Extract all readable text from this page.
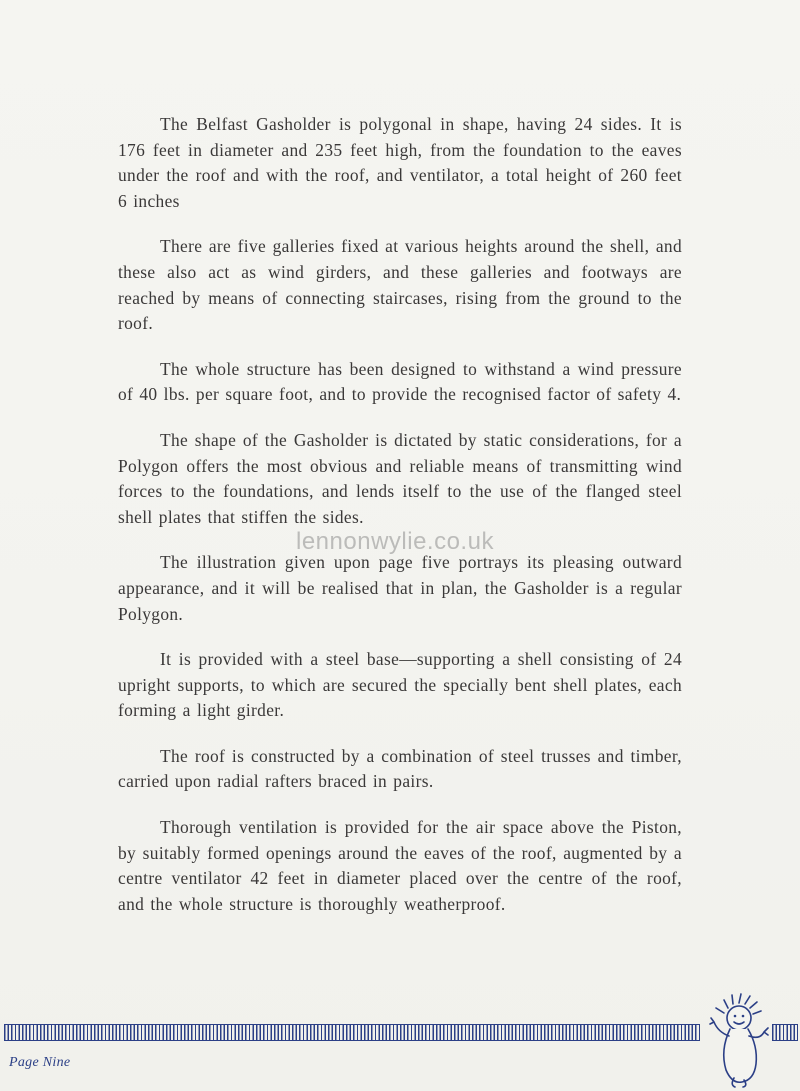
The Belfast Gasholder is polygonal in shape, having 24 sides. It is 176 feet in diameter and 235 feet high, from the foundation to the eaves under the roof and with the roof, and ventilator, a total height of 260 feet 6 inches

There are five galleries fixed at various heights around the shell, and these also act as wind girders, and these galleries and footways are reached by means of connecting staircases, rising from the ground to the roof.

The whole structure has been designed to withstand a wind pressure of 40 lbs. per square foot, and to provide the recognised factor of safety 4.

The shape of the Gasholder is dictated by static considerations, for a Polygon offers the most obvious and reliable means of transmitting wind forces to the foundations, and lends itself to the use of the flanged steel shell plates that stiffen the sides.

The illustration given upon page five portrays its pleasing outward appearance, and it will be realised that in plan, the Gasholder is a regular Polygon.

It is provided with a steel base—supporting a shell consisting of 24 upright supports, to which are secured the specially bent shell plates, each forming a light girder.

The roof is constructed by a combination of steel trusses and timber, carried upon radial rafters braced in pairs.

Thorough ventilation is provided for the air space above the Piston, by suitably formed openings around the eaves of the roof, augmented by a centre ventilator 42 feet in diameter placed over the centre of the roof, and the whole structure is thoroughly weatherproof.

lennonwylie.co.uk
Page Nine
